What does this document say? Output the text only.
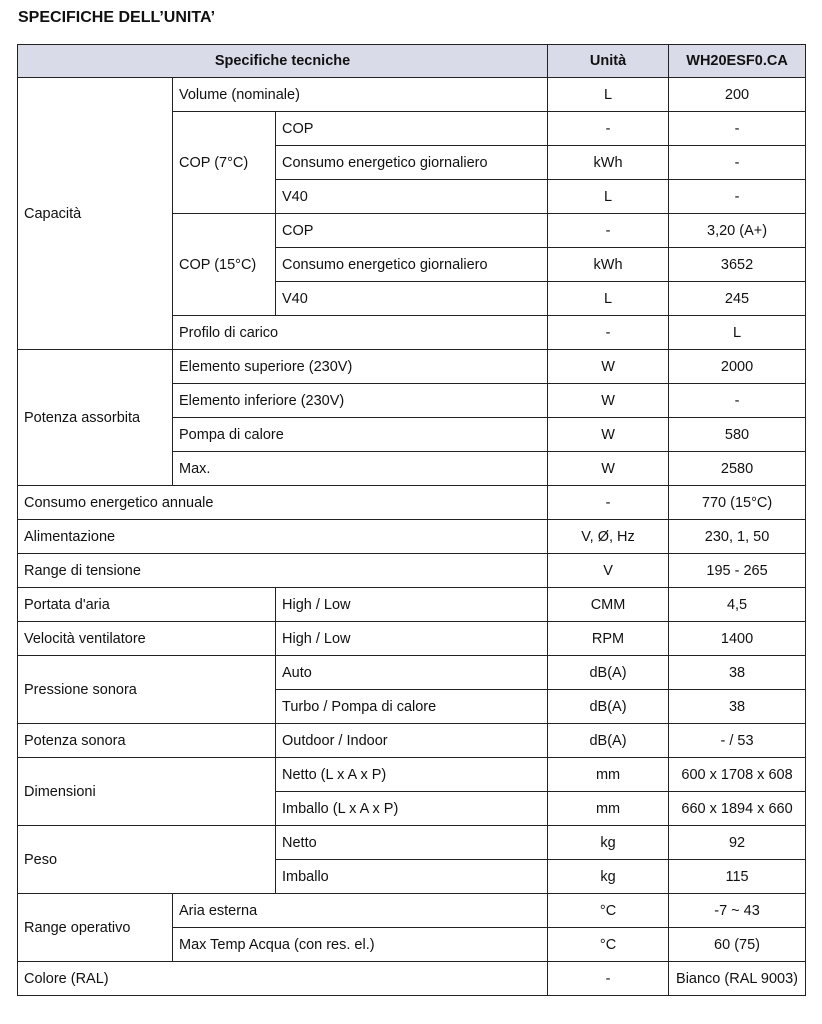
SPECIFICHE DELL’UNITA’
Specifiche tecniche			Unità	WH20ESF0.CA
Capacità	Volume (nominale)		L	200
	COP (7°C)	COP	-	-
		Consumo energetico giornaliero	kWh	-
		V40	L	-
	COP (15°C)	COP	-	3,20 (A+)
		Consumo energetico giornaliero	kWh	3652
		V40	L	245
	Profilo di carico		-	L
Potenza assorbita	Elemento superiore (230V)		W	2000
	Elemento inferiore (230V)		W	-
	Pompa di calore		W	580
	Max.		W	2580
Consumo energetico annuale			-	770 (15°C)
Alimentazione			V, Ø, Hz	230, 1, 50
Range di tensione			V	195 - 265
Portata d'aria		High / Low	CMM	4,5
Velocità ventilatore		High / Low	RPM	1400
Pressione sonora		Auto	dB(A)	38
		Turbo / Pompa di calore	dB(A)	38
Potenza sonora		Outdoor / Indoor	dB(A)	- / 53
Dimensioni		Netto (L x A x P)	mm	600 x 1708 x 608
		Imballo (L x A x P)	mm	660 x 1894 x 660
Peso		Netto	kg	92
		Imballo	kg	115
Range operativo	Aria esterna		°C	-7 ~ 43
	Max Temp Acqua (con res. el.)		°C	60 (75)
Colore (RAL)			-	Bianco (RAL 9003)
